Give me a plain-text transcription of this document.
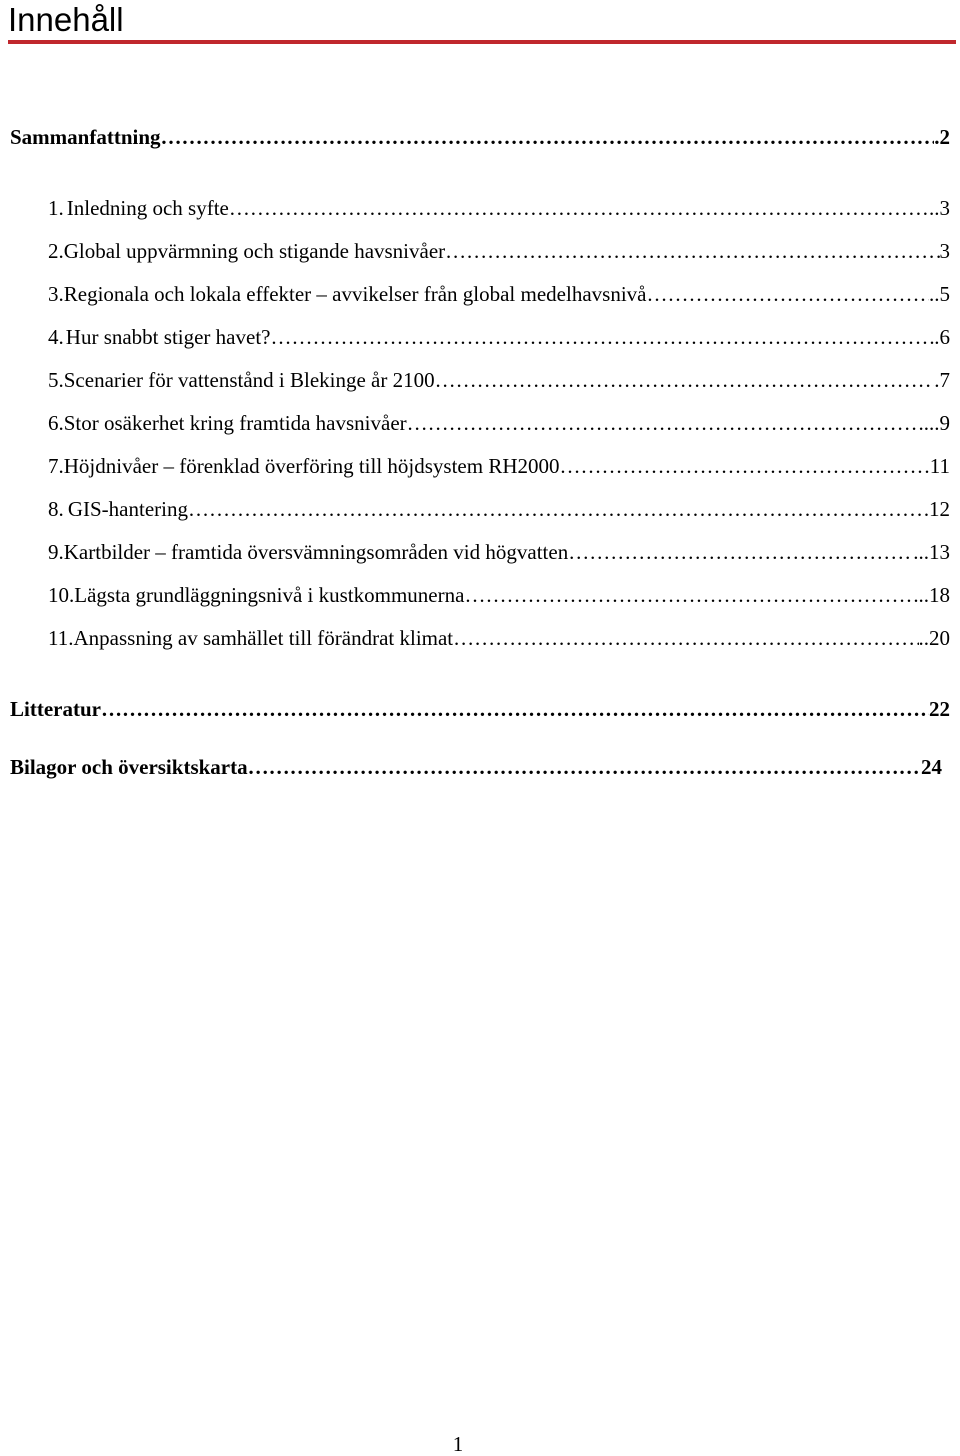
Innehåll
Sammanfattning …………………………………………………………………………………………………………………………………………………………………………	.2
1. Inledning och syfte …………………………………………………………………………………………………………………………………………………………………………	..3
2. Global uppvärmning och stigande havsnivåer …………………………………………………………………………………………………………………………………………………………………………	3
3. Regionala och lokala effekter – avvikelser från global medelhavsnivå …………………………………………………………………………………………………………………………………………………………………………	..5
4. Hur snabbt stiger havet? …………………………………………………………………………………………………………………………………………………………………………	.6
5. Scenarier för vattenstånd i Blekinge år 2100 …………………………………………………………………………………………………………………………………………………………………………	.7
6. Stor osäkerhet kring framtida havsnivåer …………………………………………………………………………………………………………………………………………………………………………	...9
7. Höjdnivåer – förenklad överföring till höjdsystem RH2000 …………………………………………………………………………………………………………………………………………………………………………	11
8. GIS-hantering …………………………………………………………………………………………………………………………………………………………………………	12
9. Kartbilder – framtida översvämningsområden vid högvatten …………………………………………………………………………………………………………………………………………………………………………	...13
10. Lägsta grundläggningsnivå i kustkommunerna …………………………………………………………………………………………………………………………………………………………………………	..18
11. Anpassning av samhället till förändrat klimat …………………………………………………………………………………………………………………………………………………………………………	..20
Litteratur …………………………………………………………………………………………………………………………………………………………………………	22
Bilagor och översiktskarta …………………………………………………………………………………………………………………………………………………………………………	24
1
